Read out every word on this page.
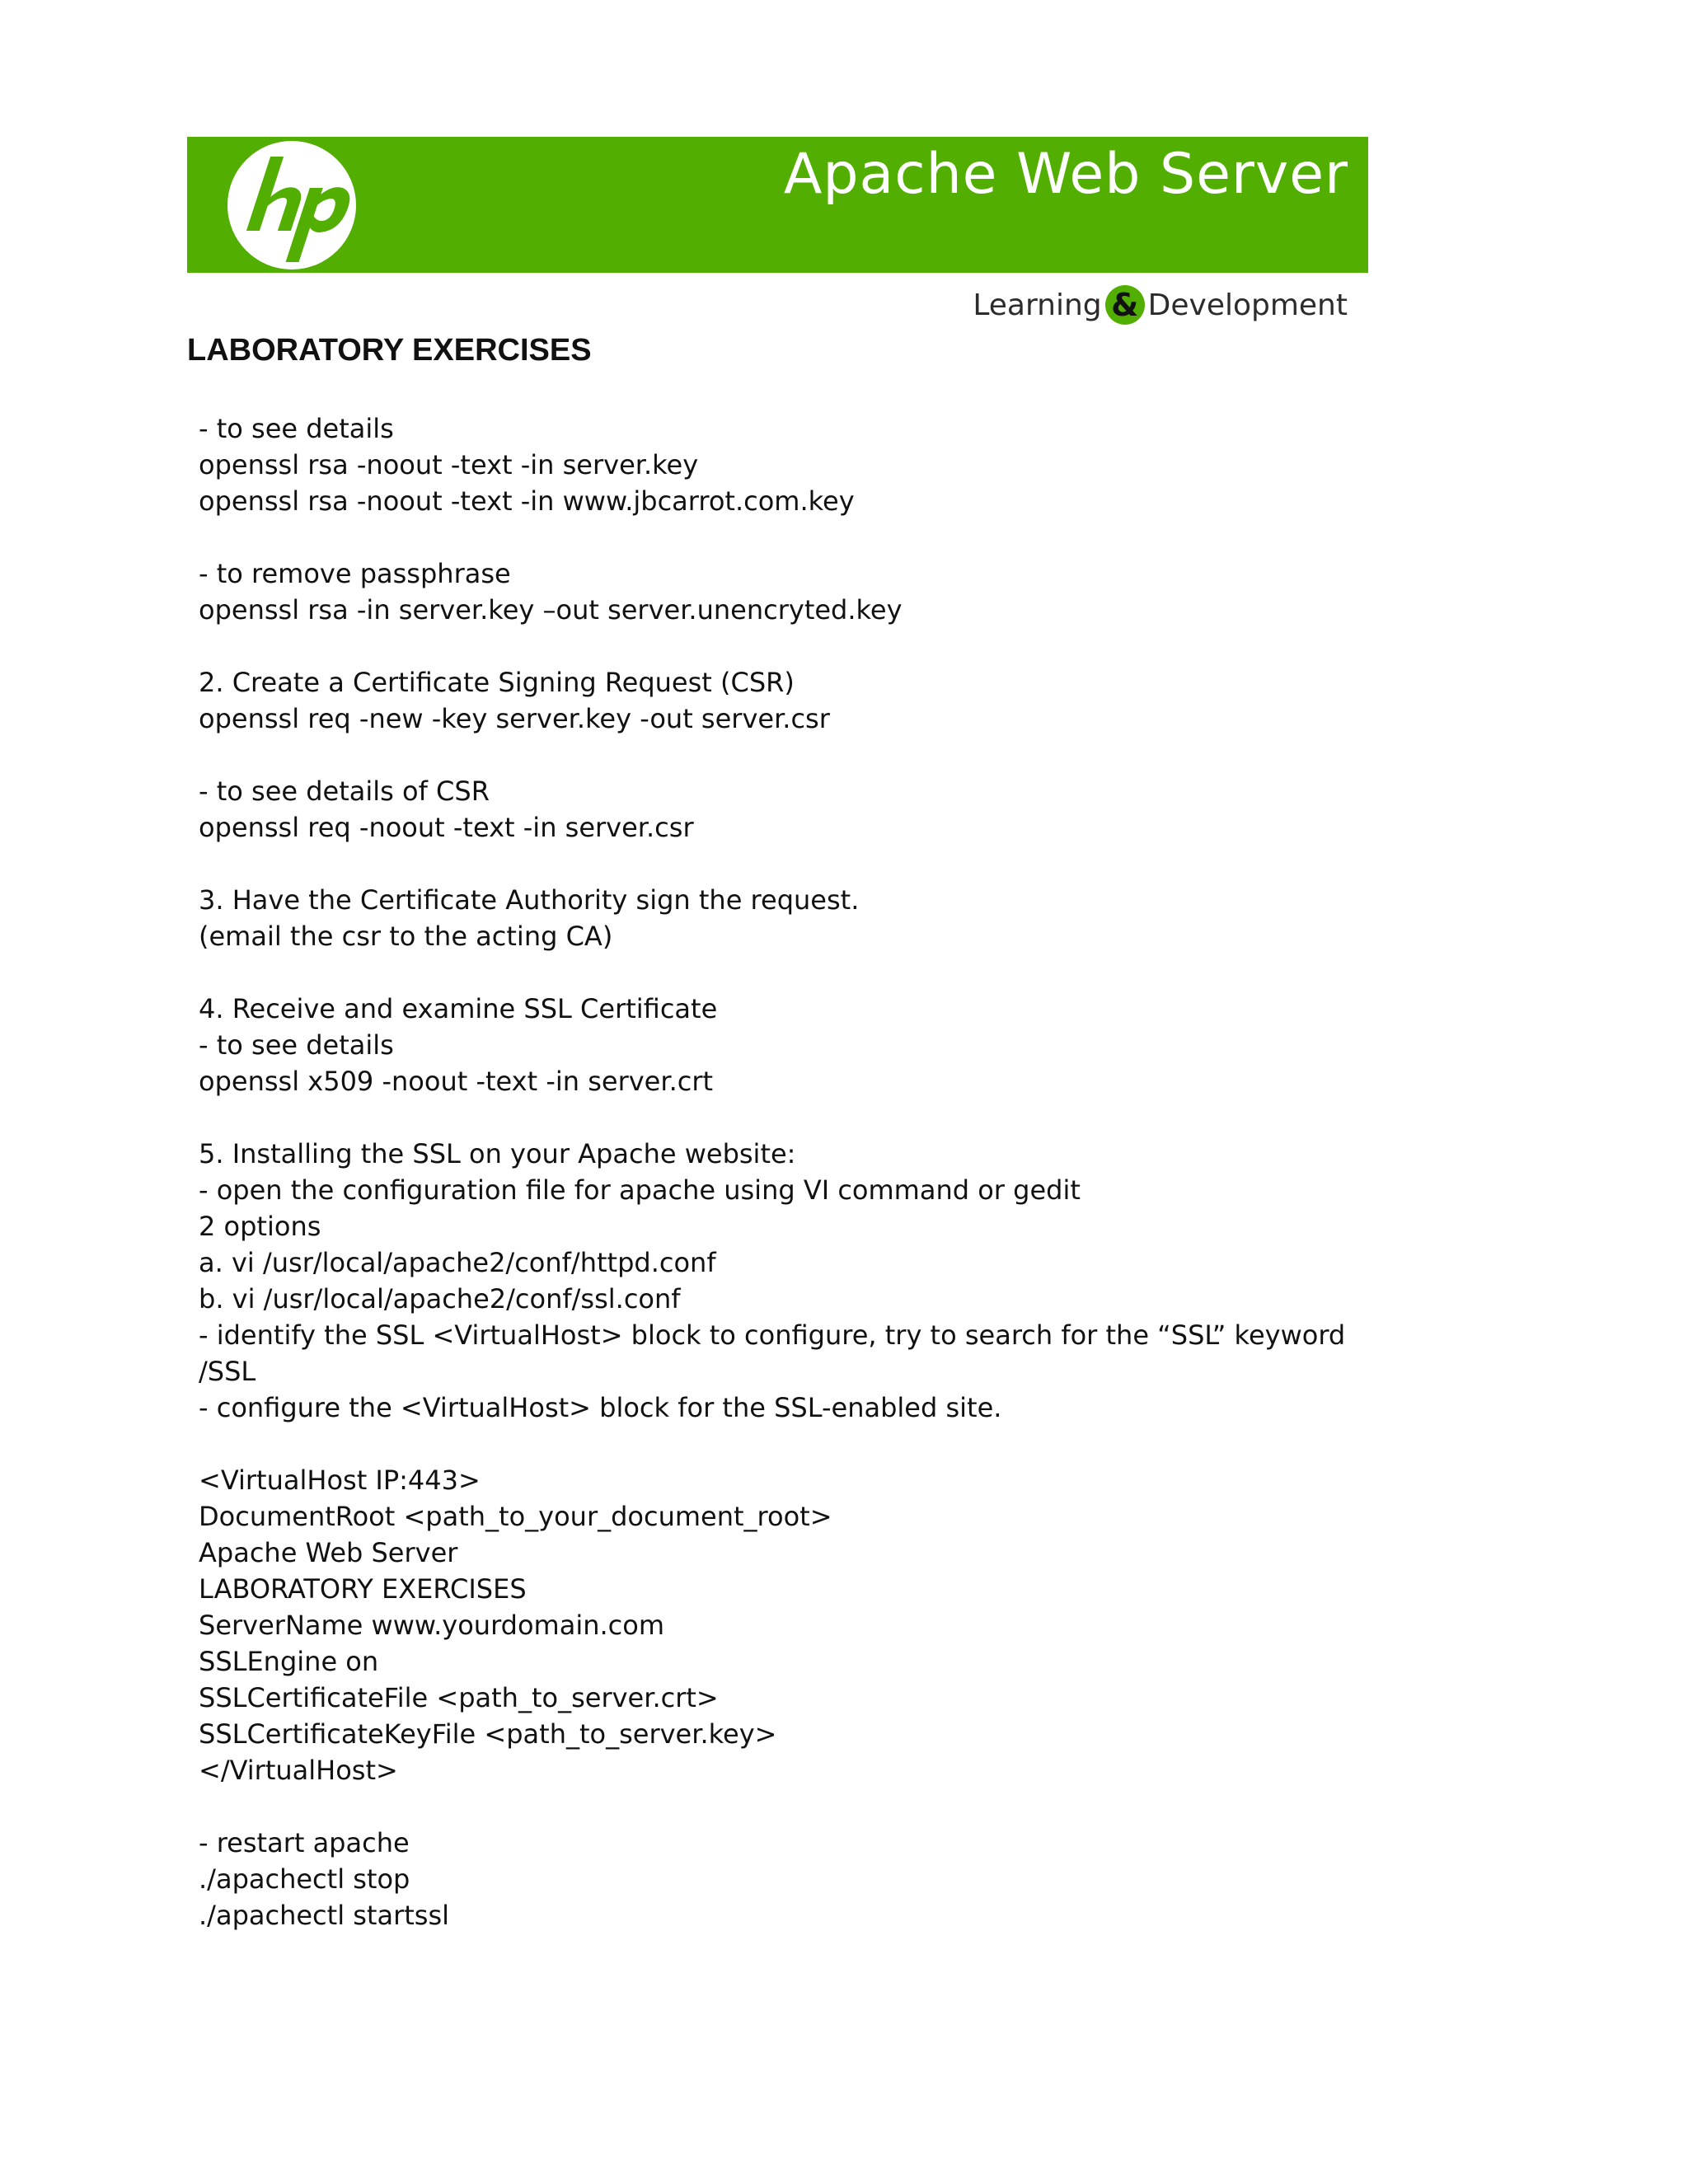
Apache Web Server
Learning & Development
LABORATORY EXERCISES
- to see details
openssl rsa -noout -text -in server.key
openssl rsa -noout -text -in www.jbcarrot.com.key
- to remove passphrase
openssl rsa -in server.key –out server.unencryted.key
2. Create a Certificate Signing Request (CSR)
openssl req -new -key server.key -out server.csr
- to see details of CSR
openssl req -noout -text -in server.csr
3. Have the Certificate Authority sign the request.
(email the csr to the acting CA)
4. Receive and examine SSL Certificate
- to see details
openssl x509 -noout -text -in server.crt
5. Installing the SSL on your Apache website:
- open the configuration file for apache using VI command or gedit
2 options
a. vi /usr/local/apache2/conf/httpd.conf
b. vi /usr/local/apache2/conf/ssl.conf
- identify the SSL <VirtualHost> block to configure, try to search for the “SSL” keyword
/SSL
- configure the <VirtualHost> block for the SSL-enabled site.
<VirtualHost IP:443>
DocumentRoot <path_to_your_document_root>
Apache Web Server
LABORATORY EXERCISES
ServerName www.yourdomain.com
SSLEngine on
SSLCertificateFile <path_to_server.crt>
SSLCertificateKeyFile <path_to_server.key>
</VirtualHost>
- restart apache
./apachectl stop
./apachectl startssl
